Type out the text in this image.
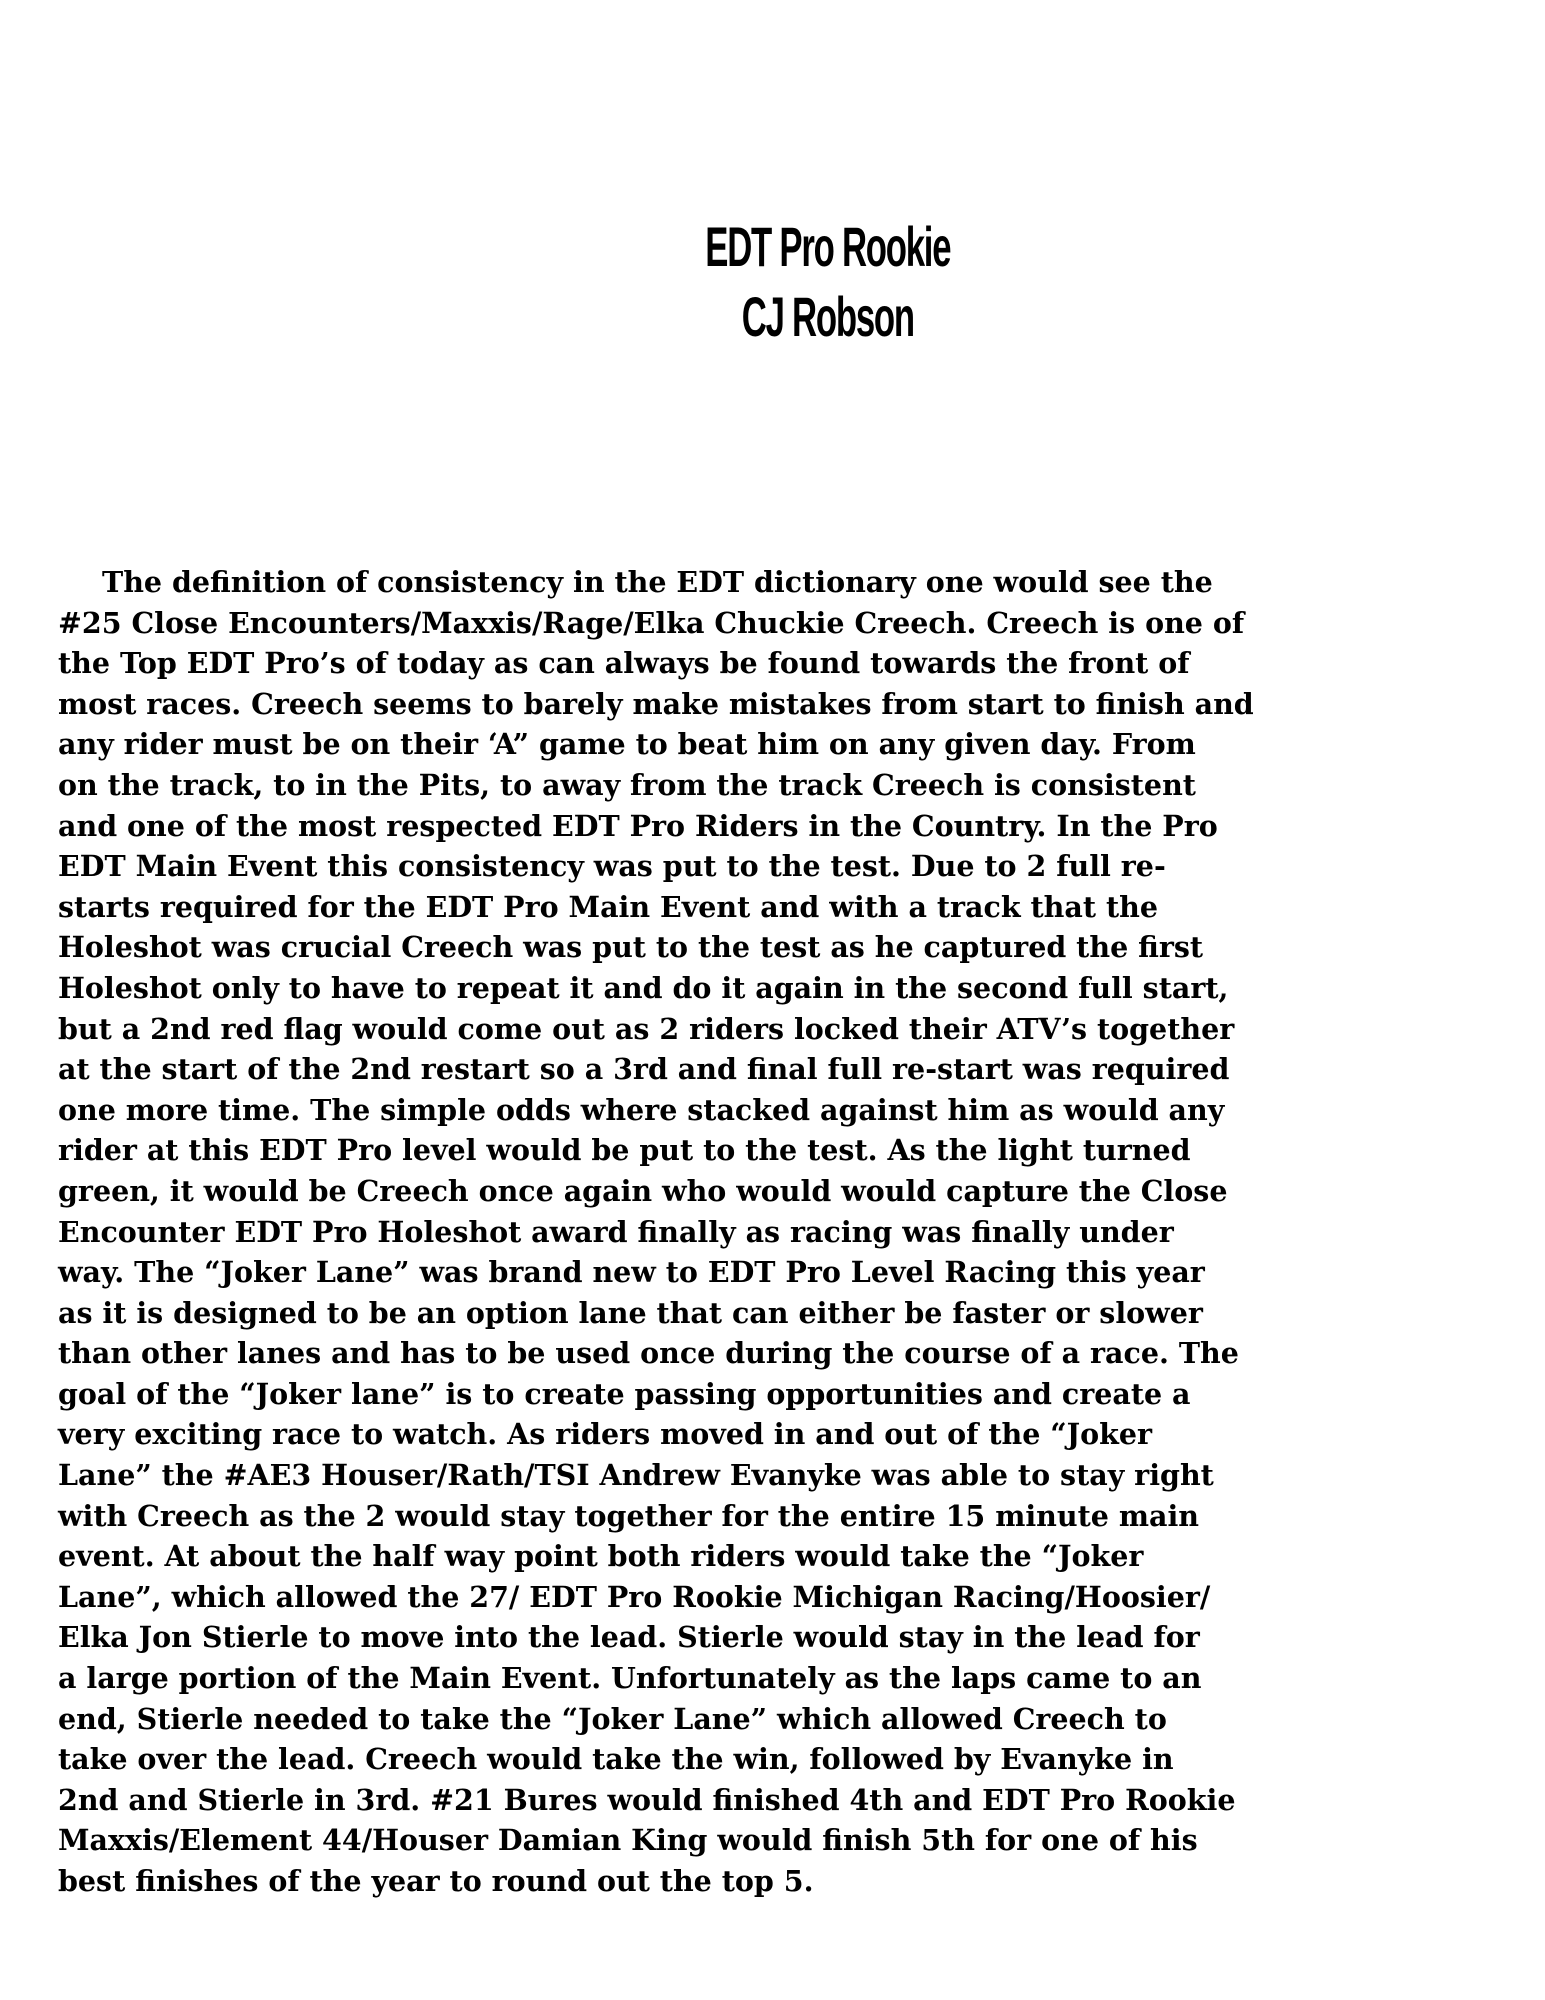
EDT Pro Rookie
CJ Robson
The definition of consistency in the EDT dictionary one would see the
#25 Close Encounters/Maxxis/Rage/Elka Chuckie Creech. Creech is one of
the Top EDT Pro’s of today as can always be found towards the front of
most races. Creech seems to barely make mistakes from start to finish and
any rider must be on their ‘A” game to beat him on any given day. From
on the track, to in the Pits, to away from the track Creech is consistent
and one of the most respected EDT Pro Riders in the Country. In the Pro
EDT Main Event this consistency was put to the test. Due to 2 full re-
starts required for the EDT Pro Main Event and with a track that the
Holeshot was crucial Creech was put to the test as he captured the first
Holeshot only to have to repeat it and do it again in the second full start,
but a 2nd red flag would come out as 2 riders locked their ATV’s together
at the start of the 2nd restart so a 3rd and final full re-start was required
one more time. The simple odds where stacked against him as would any
rider at this EDT Pro level would be put to the test. As the light turned
green, it would be Creech once again who would would capture the Close
Encounter EDT Pro Holeshot award finally as racing was finally under
way. The “Joker Lane” was brand new to EDT Pro Level Racing this year
as it is designed to be an option lane that can either be faster or slower
than other lanes and has to be used once during the course of a race. The
goal of the “Joker lane” is to create passing opportunities and create a
very exciting race to watch. As riders moved in and out of the “Joker
Lane” the #AE3 Houser/Rath/TSI Andrew Evanyke was able to stay right
with Creech as the 2 would stay together for the entire 15 minute main
event. At about the half way point both riders would take the “Joker
Lane”, which allowed the 27/ EDT Pro Rookie Michigan Racing/Hoosier/
Elka Jon Stierle to move into the lead. Stierle would stay in the lead for
a large portion of the Main Event. Unfortunately as the laps came to an
end, Stierle needed to take the “Joker Lane” which allowed Creech to
take over the lead. Creech would take the win, followed by Evanyke in
2nd and Stierle in 3rd. #21 Bures would finished 4th and EDT Pro Rookie
Maxxis/Element 44/Houser Damian King would finish 5th for one of his
best finishes of the year to round out the top 5.
